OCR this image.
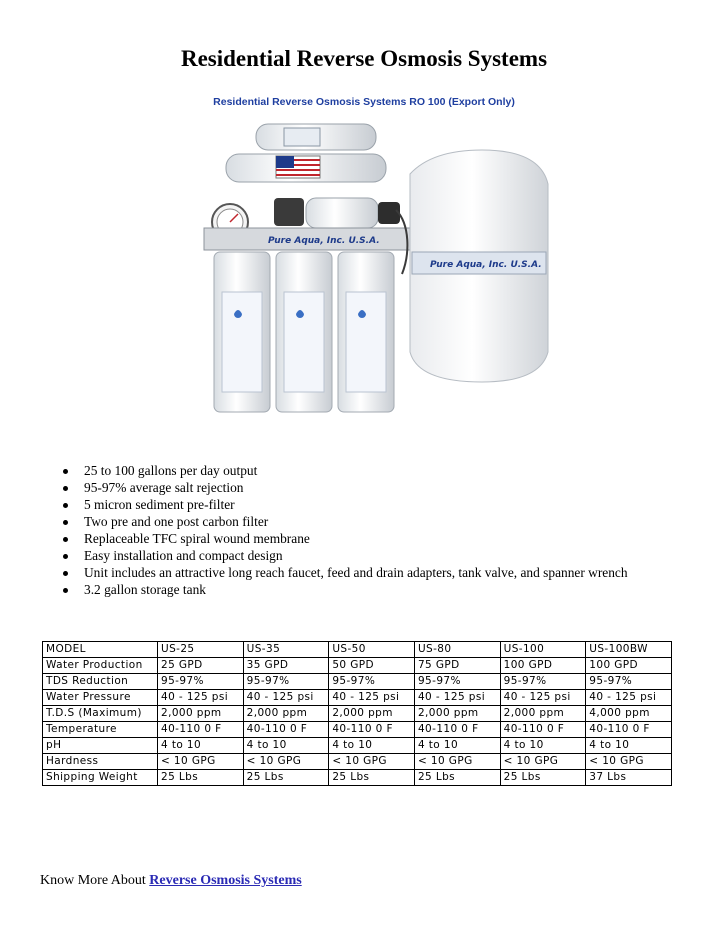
Residential Reverse Osmosis Systems
Residential Reverse Osmosis Systems RO 100 (Export Only)
Pure Aqua, Inc. U.S.A.
Pure Aqua, Inc. U.S.A.
25 to 100 gallons per day output
95-97% average salt rejection
5 micron sediment pre-filter
Two pre and one post carbon filter
Replaceable TFC spiral wound membrane
Easy installation and compact design
Unit includes an attractive long reach faucet, feed and drain adapters, tank valve, and spanner wrench
3.2 gallon storage tank
MODEL	US-25	US-35	US-50	US-80	US-100	US-100BW
Water Production	25 GPD	35 GPD	50 GPD	75 GPD	100 GPD	100 GPD
TDS Reduction	95-97%	95-97%	95-97%	95-97%	95-97%	95-97%
Water Pressure	40 - 125 psi	40 - 125 psi	40 - 125 psi	40 - 125 psi	40 - 125 psi	40 - 125 psi
T.D.S (Maximum)	2,000 ppm	2,000 ppm	2,000 ppm	2,000 ppm	2,000 ppm	4,000 ppm
Temperature	40-110 0 F	40-110 0 F	40-110 0 F	40-110 0 F	40-110 0 F	40-110 0 F
pH	4 to 10	4 to 10	4 to 10	4 to 10	4 to 10	4 to 10
Hardness	< 10 GPG	< 10 GPG	< 10 GPG	< 10 GPG	< 10 GPG	< 10 GPG
Shipping Weight	25 Lbs	25 Lbs	25 Lbs	25 Lbs	25 Lbs	37 Lbs
Know More About Reverse Osmosis Systems
